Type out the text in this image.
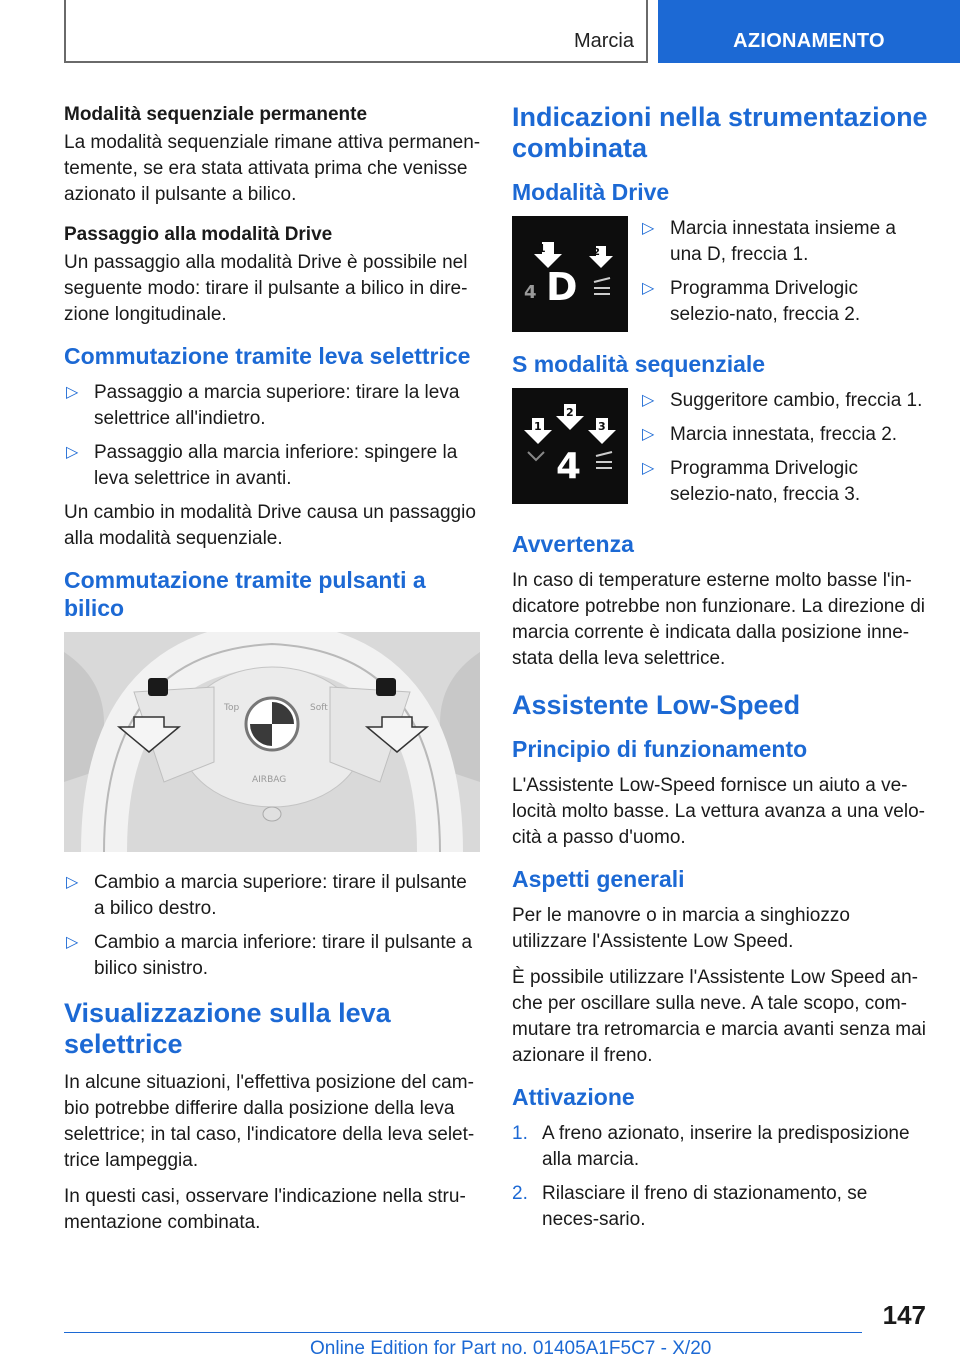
Marcia	AZIONAMENTO
Modalità sequenziale permanente

La modalità sequenziale rimane attiva permanen-temente, se era stata attivata prima che venisse azionato il pulsante a bilico.

Passaggio alla modalità Drive

Un passaggio alla modalità Drive è possibile nel seguente modo: tirare il pulsante a bilico in dire-zione longitudinale.

Commutazione tramite leva selettrice
▷ Passaggio a marcia superiore: tirare la leva selettrice all'indietro.
▷ Passaggio alla marcia inferiore: spingere la leva selettrice in avanti.

Un cambio in modalità Drive causa un passaggio alla modalità sequenziale.

Commutazione tramite pulsanti a bilico
Top	Soft
AIRBAG
▷ Cambio a marcia superiore: tirare il pulsante a bilico destro.
▷ Cambio a marcia inferiore: tirare il pulsante a bilico sinistro.
Visualizzazione sulla leva selettrice

In alcune situazioni, l'effettiva posizione del cam-bio potrebbe differire dalla posizione della leva selettrice; in tal caso, l'indicatore della leva selet-trice lampeggia.

In questi casi, osservare l'indicazione nella stru-mentazione combinata.

Indicazioni nella strumentazione combinata
Modalità Drive
1	2
4 D
▷ Marcia innestata insieme a una D, freccia 1.
▷ Programma Drivelogic selezio-nato, freccia 2.
S modalità sequenziale
1
2
3
4
▷ Suggeritore cambio, freccia 1.
▷ Marcia innestata, freccia 2.
▷ Programma Drivelogic selezio-nato, freccia 3.
Avvertenza

In caso di temperature esterne molto basse l'in-dicatore potrebbe non funzionare. La direzione di marcia corrente è indicata dalla posizione inne-stata della leva selettrice.

Assistente Low-Speed
Principio di funzionamento

L'Assistente Low-Speed fornisce un aiuto a ve-locità molto basse. La vettura avanza a una velo-cità a passo d'uomo.

Aspetti generali

Per le manovre o in marcia a singhiozzo utilizzare l'Assistente Low Speed.

È possibile utilizzare l'Assistente Low Speed an-che per oscillare sulla neve. A tale scopo, com-mutare tra retromarcia e marcia avanti senza mai azionare il freno.

Attivazione
1. A freno azionato, inserire la predisposizione alla marcia.
2. Rilasciare il freno di stazionamento, se neces-sario.
147
Online Edition for Part no. 01405A1F5C7 - X/20
